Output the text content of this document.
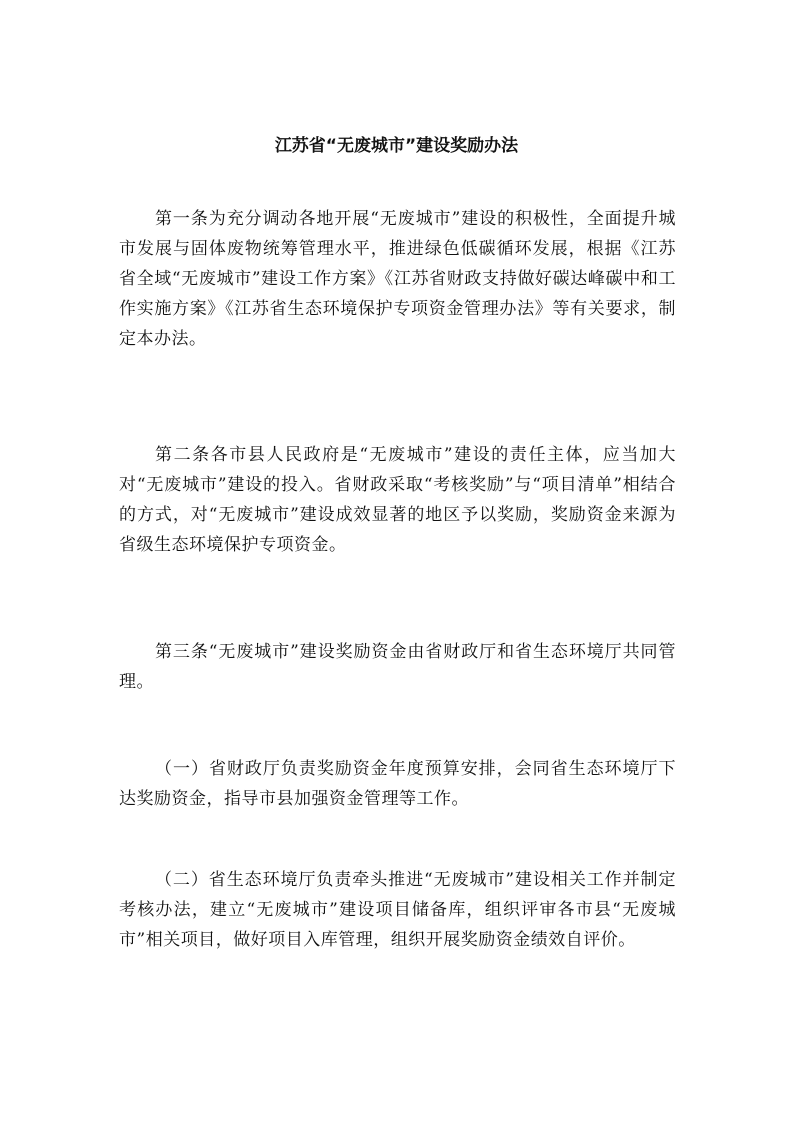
江苏省“无废城市”建设奖励办法

第一条为充分调动各地开展“无废城市”建设的积极性，全面提升城市发展与固体废物统筹管理水平，推进绿色低碳循环发展，根据《江苏省全域“无废城市”建设工作方案》《江苏省财政支持做好碳达峰碳中和工作实施方案》《江苏省生态环境保护专项资金管理办法》等有关要求，制定本办法。

第二条各市县人民政府是“无废城市”建设的责任主体，应当加大对“无废城市”建设的投入。省财政采取“考核奖励”与“项目清单”相结合的方式，对“无废城市”建设成效显著的地区予以奖励，奖励资金来源为省级生态环境保护专项资金。

第三条“无废城市”建设奖励资金由省财政厅和省生态环境厅共同管理。

（一）省财政厅负责奖励资金年度预算安排，会同省生态环境厅下达奖励资金，指导市县加强资金管理等工作。

（二）省生态环境厅负责牵头推进“无废城市”建设相关工作并制定考核办法，建立“无废城市”建设项目储备库，组织评审各市县“无废城市”相关项目，做好项目入库管理，组织开展奖励资金绩效自评价。
